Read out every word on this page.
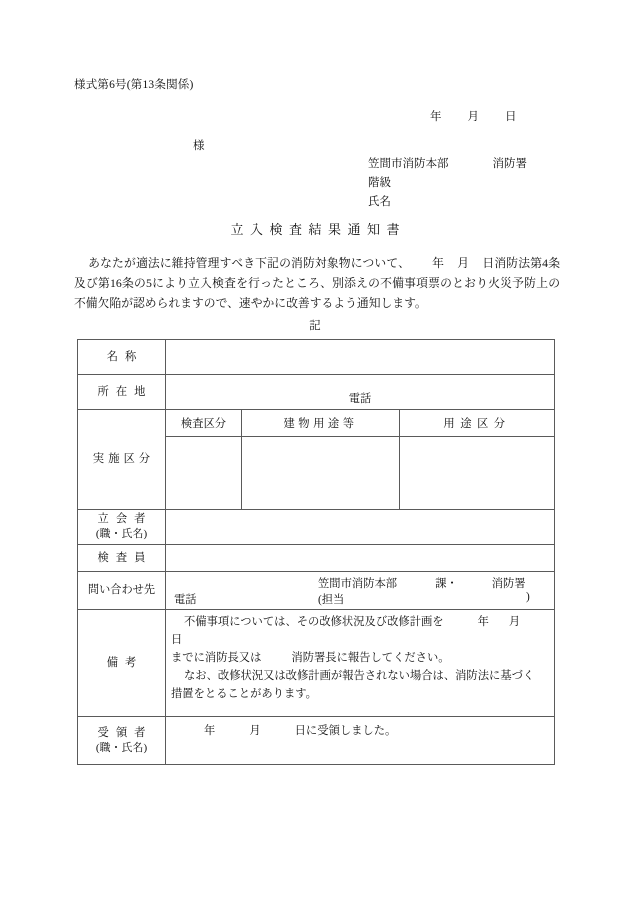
様式第6号(第13条関係)
年 月 日
様
笠間市消防本部	消防署
階級
氏名
立入検査結果通知書
あなたが適法に維持管理すべき下記の消防対象物について、 年 月 日消防法第4条及び第16条の5により立入検査を行ったところ、別添えの不備事項票のとおり火災予防上の不備欠陥が認められますので、速やかに改善するよう通知します。
記
名称			

所在地	電話		

実施区分	検査区分	建物用途等	用途区分

立会者
(職・氏名)			

検査員			

問い合わせ先	電話
笠間市消防本部 課・ 消防署
(担当 )		

備考	不備事項については、その改修状況及び改修計画を 年 月日

までに消防長又は 消防署長に報告してください。

なお、改修状況又は改修計画が報告されない場合は、消防法に基づく

措置をとることがあります。		

受領者
(職・氏名)	年 月 日に受領しました。		
